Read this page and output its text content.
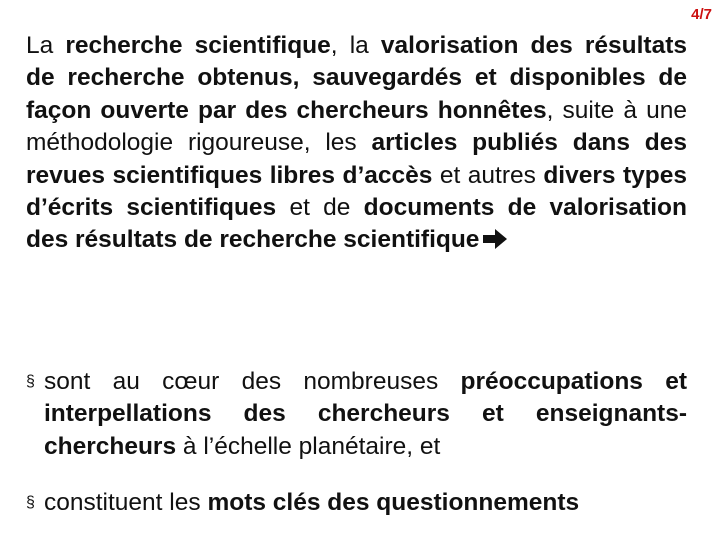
4/7

La recherche scientifique, la valorisation des résultats de recherche obtenus, sauvegardés et disponibles de façon ouverte par des chercheurs honnêtes, suite à une méthodologie rigoureuse, les articles publiés dans des revues scientifiques libres d’accès et autres divers types d’écrits scientifiques et de documents de valorisation des résultats de recherche scientifique

§ sont au cœur des nombreuses préoccupations et interpellations des chercheurs et enseignants-chercheurs à l’échelle planétaire, et

§ constituent les mots clés des questionnements
